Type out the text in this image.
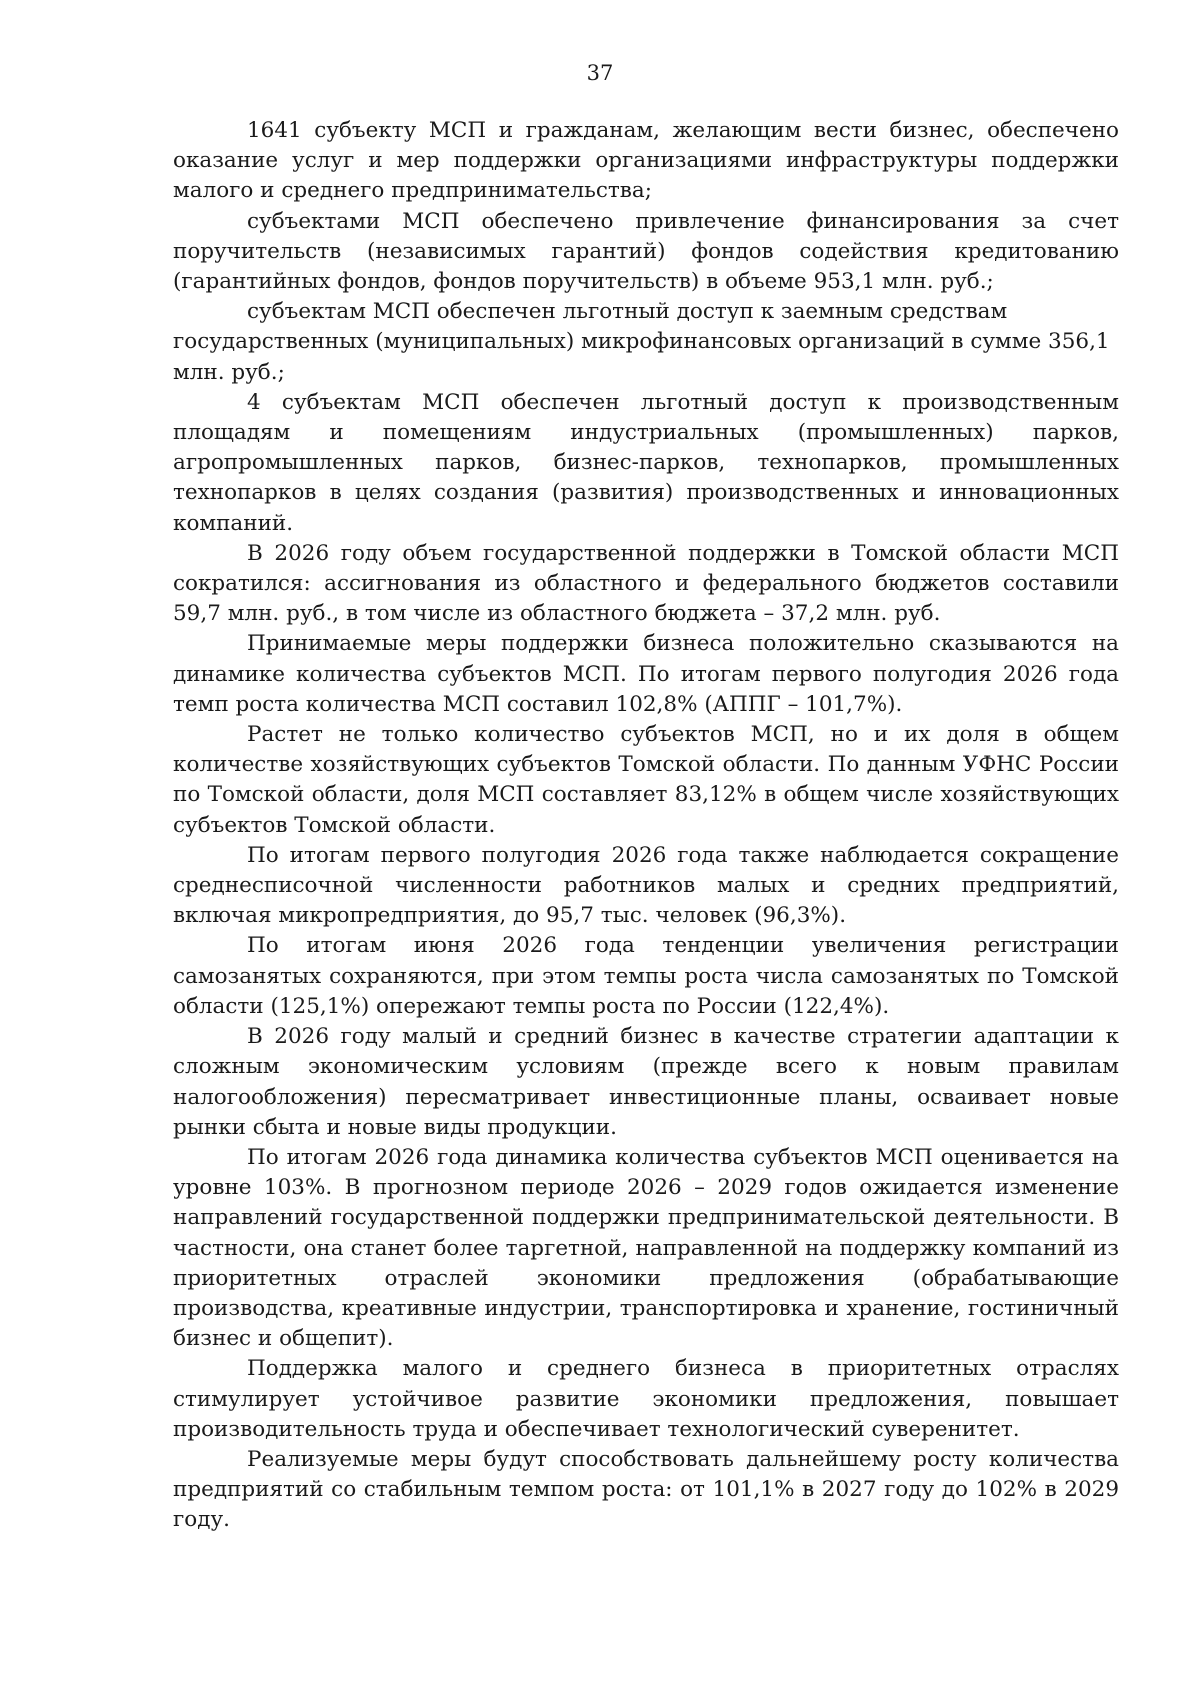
37

1641 субъекту МСП и гражданам, желающим вести бизнес, обеспечено оказание услуг и мер поддержки организациями инфраструктуры поддержки малого и среднего предпринимательства;

субъектами МСП обеспечено привлечение финансирования за счет поручительств (независимых гарантий) фондов содействия кредитованию (гарантийных фондов, фондов поручительств) в объеме 953,1 млн. руб.;

субъектам МСП обеспечен льготный доступ к заемным средствам государственных (муниципальных) микрофинансовых организаций в сумме 356,1 млн. руб.;

4 субъектам МСП обеспечен льготный доступ к производственным площадям и помещениям индустриальных (промышленных) парков, агропромышленных парков, бизнес-парков, технопарков, промышленных технопарков в целях создания (развития) производственных и инновационных компаний.

В 2026 году объем государственной поддержки в Томской области МСП сократился: ассигнования из областного и федерального бюджетов составили 59,7 млн. руб., в том числе из областного бюджета – 37,2 млн. руб.

Принимаемые меры поддержки бизнеса положительно сказываются на динамике количества субъектов МСП. По итогам первого полугодия 2026 года темп роста количества МСП составил 102,8% (АППГ – 101,7%).

Растет не только количество субъектов МСП, но и их доля в общем количестве хозяйствующих субъектов Томской области. По данным УФНС России по Томской области, доля МСП составляет 83,12% в общем числе хозяйствующих субъектов Томской области.

По итогам первого полугодия 2026 года также наблюдается сокращение среднесписочной численности работников малых и средних предприятий, включая микропредприятия, до 95,7 тыс. человек (96,3%).

По итогам июня 2026 года тенденции увеличения регистрации самозанятых сохраняются, при этом темпы роста числа самозанятых по Томской области (125,1%) опережают темпы роста по России (122,4%).

В 2026 году малый и средний бизнес в качестве стратегии адаптации к сложным экономическим условиям (прежде всего к новым правилам налогообложения) пересматривает инвестиционные планы, осваивает новые рынки сбыта и новые виды продукции.

По итогам 2026 года динамика количества субъектов МСП оценивается на уровне 103%. В прогнозном периоде 2026 – 2029 годов ожидается изменение направлений государственной поддержки предпринимательской деятельности. В частности, она станет более таргетной, направленной на поддержку компаний из приоритетных отраслей экономики предложения (обрабатывающие производства, креативные индустрии, транспортировка и хранение, гостиничный бизнес и общепит).

Поддержка малого и среднего бизнеса в приоритетных отраслях стимулирует устойчивое развитие экономики предложения, повышает производительность труда и обеспечивает технологический суверенитет.

Реализуемые меры будут способствовать дальнейшему росту количества предприятий со стабильным темпом роста: от 101,1% в 2027 году до 102% в 2029 году.
